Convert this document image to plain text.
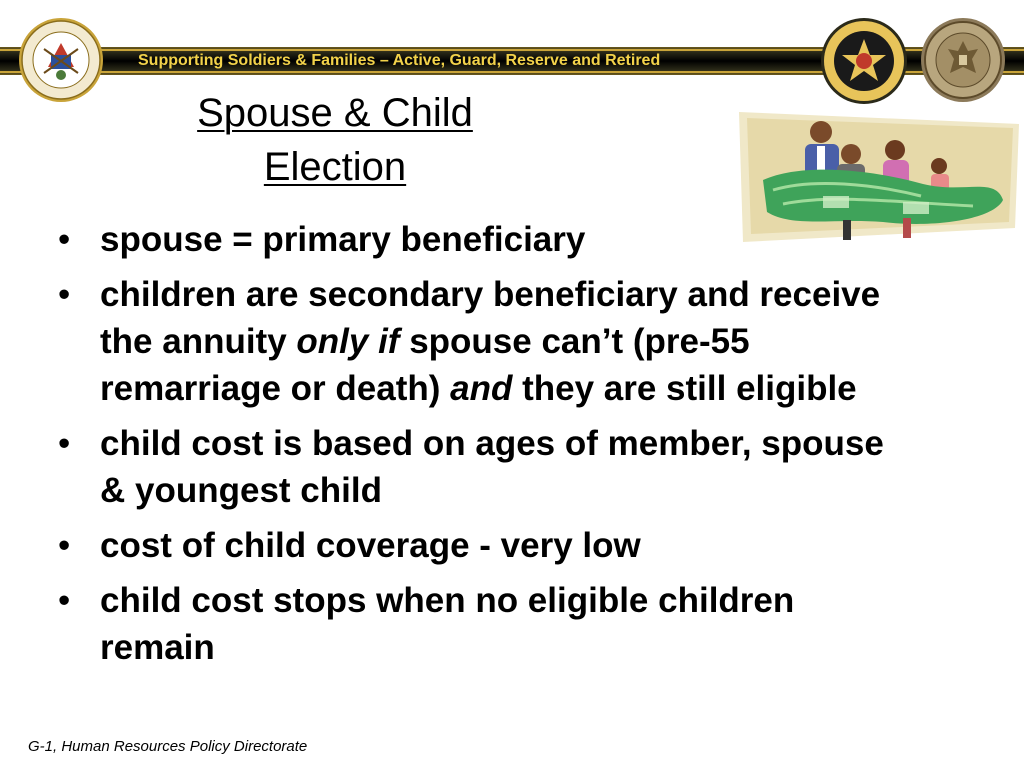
Supporting Soldiers & Families – Active, Guard, Reserve and Retired
Spouse & Child
Election
• spouse = primary beneficiary
• children are secondary beneficiary and receive the annuity only if spouse can’t (pre-55 remarriage or death) and they are still eligible
• child cost is based on ages of member, spouse & youngest child
• cost of child coverage - very low
• child cost stops when no eligible children remain
G-1, Human Resources Policy Directorate
